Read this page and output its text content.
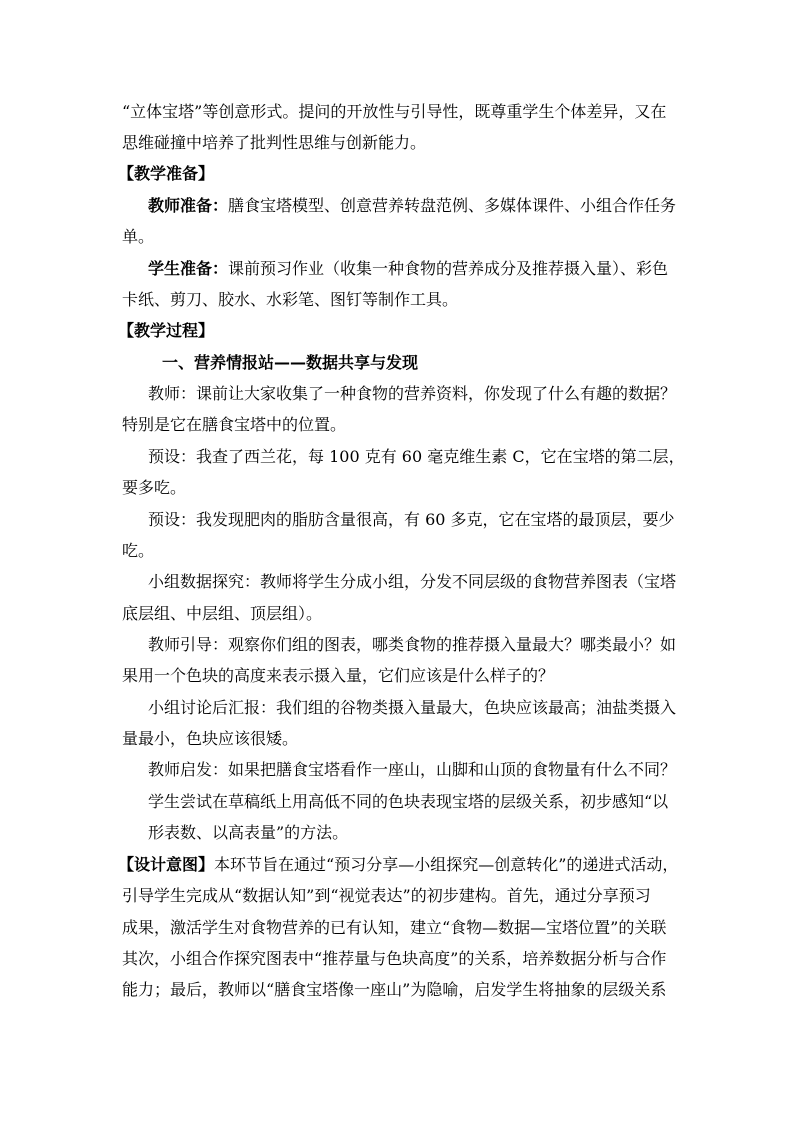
“立体宝塔”等创意形式。提问的开放性与引导性，既尊重学生个体差异，又在
思维碰撞中培养了批判性思维与创新能力。
【教学准备】
教师准备：膳食宝塔模型、创意营养转盘范例、多媒体课件、小组合作任务
单。
学生准备：课前预习作业（收集一种食物的营养成分及推荐摄入量）、彩色
卡纸、剪刀、胶水、水彩笔、图钉等制作工具。
【教学过程】
一、营养情报站——数据共享与发现
教师：课前让大家收集了一种食物的营养资料，你发现了什么有趣的数据？
特别是它在膳食宝塔中的位置。
预设：我查了西兰花，每 100 克有 60 毫克维生素 C，它在宝塔的第二层，
要多吃。
预设：我发现肥肉的脂肪含量很高，有 60 多克，它在宝塔的最顶层，要少
吃。
小组数据探究：教师将学生分成小组，分发不同层级的食物营养图表（宝塔
底层组、中层组、顶层组）。
教师引导：观察你们组的图表，哪类食物的推荐摄入量最大？哪类最小？如
果用一个色块的高度来表示摄入量，它们应该是什么样子的？
小组讨论后汇报：我们组的谷物类摄入量最大，色块应该最高；油盐类摄入
量最小，色块应该很矮。
教师启发：如果把膳食宝塔看作一座山，山脚和山顶的食物量有什么不同？
学生尝试在草稿纸上用高低不同的色块表现宝塔的层级关系，初步感知“以
形表数、以高表量”的方法。
【设计意图】本环节旨在通过“预习分享—小组探究—创意转化”的递进式活动，
引导学生完成从“数据认知”到“视觉表达”的初步建构。首先，通过分享预习
成果，激活学生对食物营养的已有认知，建立“食物—数据—宝塔位置”的关联
其次，小组合作探究图表中“推荐量与色块高度”的关系，培养数据分析与合作
能力；最后，教师以“膳食宝塔像一座山”为隐喻，启发学生将抽象的层级关系
